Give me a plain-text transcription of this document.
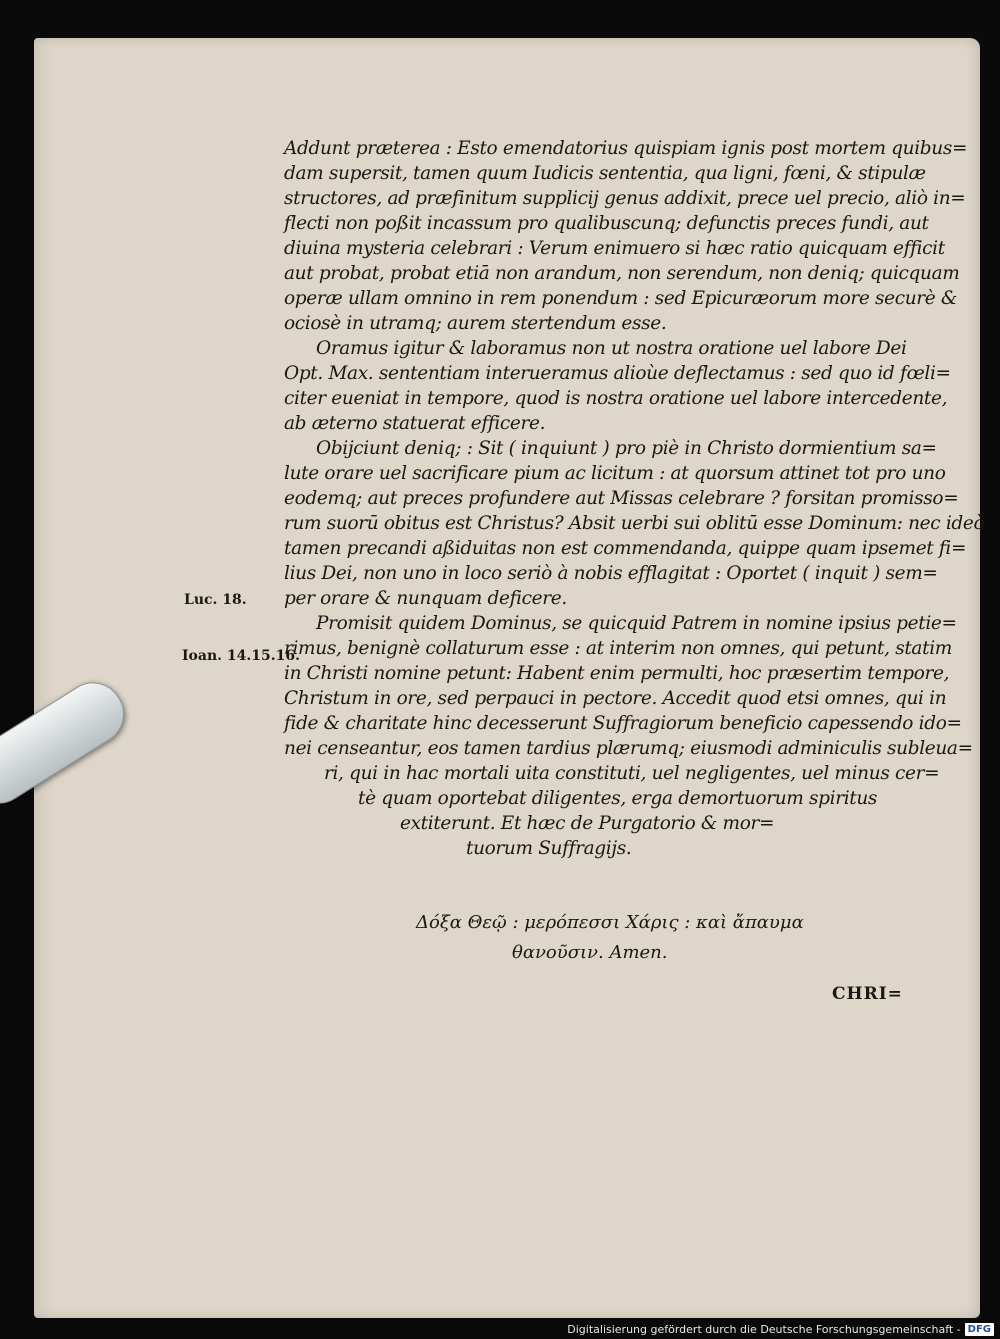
Addunt prӕterea : Esto emendatorius quispiam ignis post mortem quibus=
dam supersit, tamen quum Iudicis sententia, qua ligni, fœni, & stipulӕ
structores, ad prӕfinitum supplicij genus addixit, prece uel precio, aliò in=
flecti non poßit incassum pro qualibuscunq; defunctis preces fundi, aut
diuina mysteria celebrari : Verum enimuero si hӕc ratio quicquam efficit
aut probat, probat etiā non arandum, non serendum, non deniq; quicquam
operӕ ullam omnino in rem ponendum : sed Epicurӕorum more securè &
ociosè in utramq; aurem stertendum esse.
Oramus igitur & laboramus non ut nostra oratione uel labore Dei
Opt. Max. sententiam interueramus alioùe deflectamus : sed quo id fœli=
citer eueniat in tempore, quod is nostra oratione uel labore intercedente,
ab ӕterno statuerat efficere.
Obijciunt deniq; : Sit ( inquiunt ) pro piè in Christo dormientium sa=
lute orare uel sacrificare pium ac licitum : at quorsum attinet tot pro uno
eodemq; aut preces profundere aut Missas celebrare ? forsitan promisso=
rum suorū obitus est Christus? Absit uerbi sui oblitū esse Dominum: nec ideò
tamen precandi aßiduitas non est commendanda, quippe quam ipsemet fi=
lius Dei, non uno in loco seriò à nobis efflagitat : Oportet ( inquit ) sem=
per orare & nunquam deficere.
Promisit quidem Dominus, se quicquid Patrem in nomine ipsius petie=
rimus, benignè collaturum esse : at interim non omnes, qui petunt, statim
in Christi nomine petunt: Habent enim permulti, hoc prӕsertim tempore,
Christum in ore, sed perpauci in pectore. Accedit quod etsi omnes, qui in
fide & charitate hinc decesserunt Suffragiorum beneficio capessendo ido=
nei censeantur, eos tamen tardius plærumq; eiusmodi adminiculis subleua=
ri, qui in hac mortali uita constituti, uel negligentes, uel minus cer=
tè quam oportebat diligentes, erga demortuorum spiritus
extiterunt. Et hӕc de Purgatorio & mor=
tuorum Suffragijs.
Luc. 18.
Ioan. 14.15.16.
Δόξα Θεῷ : μερόπεσσι Χάρις : καὶ ἄπαυμα
θανοῦσιν. Amen.
CHRI=
Digitalisierung gefördert durch die Deutsche Forschungsgemeinschaft - DFG
